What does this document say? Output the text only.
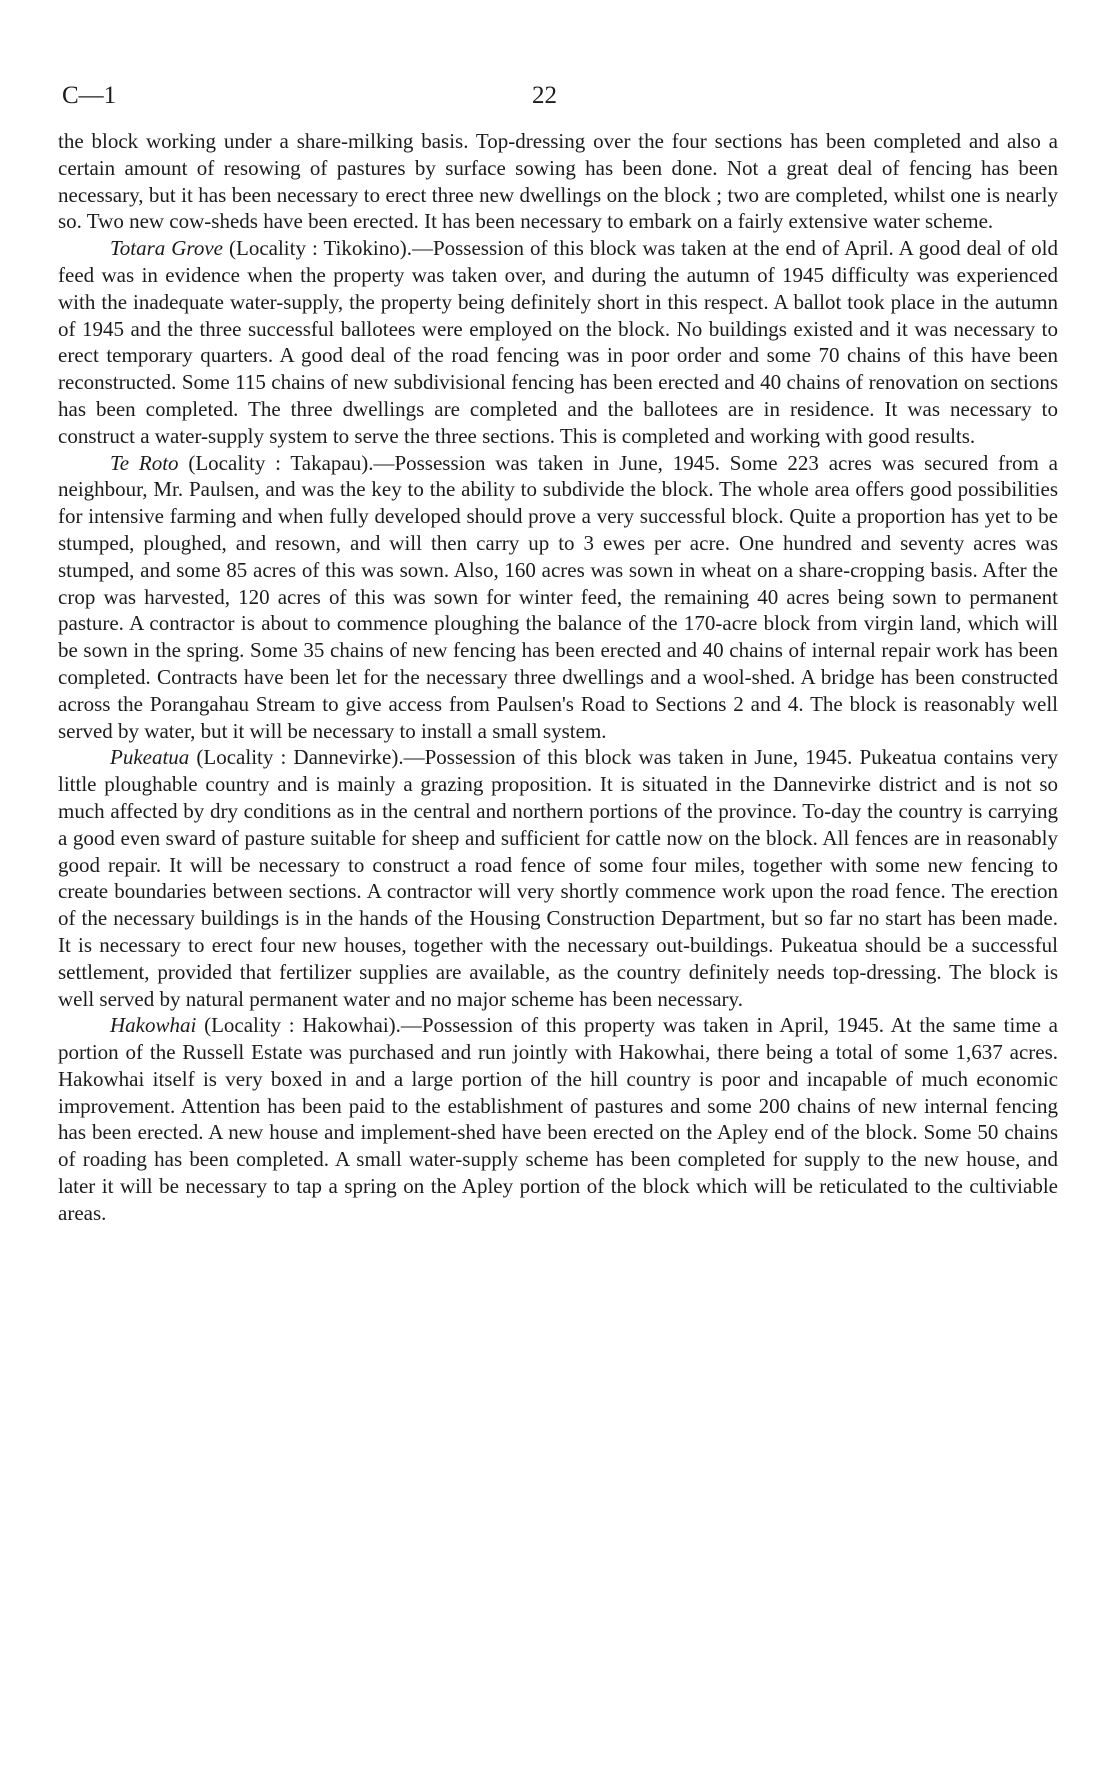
C—1	22

the block working under a share-milking basis. Top-dressing over the four sections has been completed and also a certain amount of resowing of pastures by surface sowing has been done. Not a great deal of fencing has been necessary, but it has been necessary to erect three new dwellings on the block ; two are completed, whilst one is nearly so. Two new cow-sheds have been erected. It has been necessary to embark on a fairly extensive water scheme.

Totara Grove (Locality : Tikokino).—Possession of this block was taken at the end of April. A good deal of old feed was in evidence when the property was taken over, and during the autumn of 1945 difficulty was experienced with the inadequate water-supply, the property being definitely short in this respect. A ballot took place in the autumn of 1945 and the three successful ballotees were employed on the block. No buildings existed and it was necessary to erect temporary quarters. A good deal of the road fencing was in poor order and some 70 chains of this have been reconstructed. Some 115 chains of new subdivisional fencing has been erected and 40 chains of renovation on sections has been completed. The three dwellings are completed and the ballotees are in residence. It was necessary to construct a water-supply system to serve the three sections. This is completed and working with good results.

Te Roto (Locality : Takapau).—Possession was taken in June, 1945. Some 223 acres was secured from a neighbour, Mr. Paulsen, and was the key to the ability to subdivide the block. The whole area offers good possibilities for intensive farming and when fully developed should prove a very successful block. Quite a proportion has yet to be stumped, ploughed, and resown, and will then carry up to 3 ewes per acre. One hundred and seventy acres was stumped, and some 85 acres of this was sown. Also, 160 acres was sown in wheat on a share-cropping basis. After the crop was harvested, 120 acres of this was sown for winter feed, the remaining 40 acres being sown to permanent pasture. A contractor is about to commence ploughing the balance of the 170-acre block from virgin land, which will be sown in the spring. Some 35 chains of new fencing has been erected and 40 chains of internal repair work has been completed. Contracts have been let for the necessary three dwellings and a wool-shed. A bridge has been constructed across the Porangahau Stream to give access from Paulsen's Road to Sections 2 and 4. The block is reasonably well served by water, but it will be necessary to install a small system.

Pukeatua (Locality : Dannevirke).—Possession of this block was taken in June, 1945. Pukeatua contains very little ploughable country and is mainly a grazing proposition. It is situated in the Dannevirke district and is not so much affected by dry conditions as in the central and northern portions of the province. To-day the country is carrying a good even sward of pasture suitable for sheep and sufficient for cattle now on the block. All fences are in reasonably good repair. It will be necessary to construct a road fence of some four miles, together with some new fencing to create boundaries between sections. A contractor will very shortly commence work upon the road fence. The erection of the necessary buildings is in the hands of the Housing Construction Department, but so far no start has been made. It is necessary to erect four new houses, together with the necessary out-buildings. Pukeatua should be a successful settlement, provided that fertilizer supplies are available, as the country definitely needs top-dressing. The block is well served by natural permanent water and no major scheme has been necessary.

Hakowhai (Locality : Hakowhai).—Possession of this property was taken in April, 1945. At the same time a portion of the Russell Estate was purchased and run jointly with Hakowhai, there being a total of some 1,637 acres. Hakowhai itself is very boxed in and a large portion of the hill country is poor and incapable of much economic improvement. Attention has been paid to the establishment of pastures and some 200 chains of new internal fencing has been erected. A new house and implement-shed have been erected on the Apley end of the block. Some 50 chains of roading has been completed. A small water-supply scheme has been completed for supply to the new house, and later it will be necessary to tap a spring on the Apley portion of the block which will be reticulated to the cultiviable areas.
